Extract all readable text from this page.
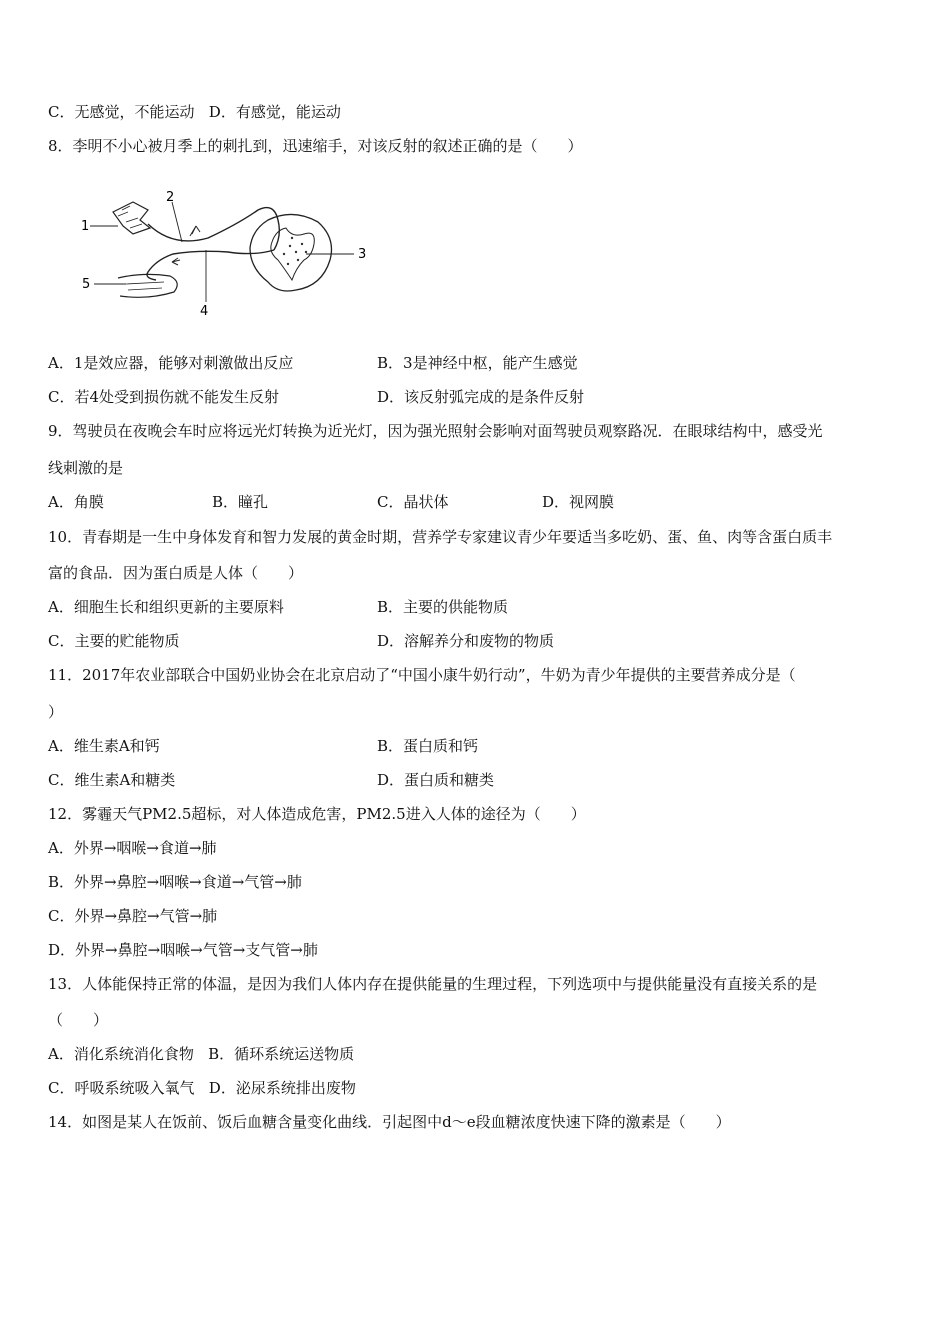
C．无感觉，不能运动 D．有感觉，能运动
8．李明不小心被月季上的刺扎到，迅速缩手，对该反射的叙述正确的是（　　）
1
2
3
4
5
A．1是效应器，能够对刺激做出反应	B．3是神经中枢，能产生感觉
C．若4处受到损伤就不能发生反射	D．该反射弧完成的是条件反射
9．驾驶员在夜晚会车时应将远光灯转换为近光灯，因为强光照射会影响对面驾驶员观察路况．在眼球结构中，感受光
线刺激的是
A．角膜	B．瞳孔	C．晶状体	D．视网膜
10．青春期是一生中身体发育和智力发展的黄金时期，营养学专家建议青少年要适当多吃奶、蛋、鱼、肉等含蛋白质丰
富的食品．因为蛋白质是人体（　　）
A．细胞生长和组织更新的主要原料	B．主要的供能物质
C．主要的贮能物质	D．溶解养分和废物的物质
11．2017年农业部联合中国奶业协会在北京启动了“中国小康牛奶行动”，牛奶为青少年提供的主要营养成分是（
）
A．维生素A和钙	B．蛋白质和钙
C．维生素A和糖类	D．蛋白质和糖类
12．雾霾天气PM2.5超标，对人体造成危害，PM2.5进入人体的途径为（　　）
A．外界→咽喉→食道→肺
B．外界→鼻腔→咽喉→食道→气管→肺
C．外界→鼻腔→气管→肺
D．外界→鼻腔→咽喉→气管→支气管→肺
13．人体能保持正常的体温，是因为我们人体内存在提供能量的生理过程，下列选项中与提供能量没有直接关系的是
（　　）
A．消化系统消化食物 B．循环系统运送物质
C．呼吸系统吸入氧气 D．泌尿系统排出废物
14．如图是某人在饭前、饭后血糖含量变化曲线．引起图中d～e段血糖浓度快速下降的激素是（　　）
